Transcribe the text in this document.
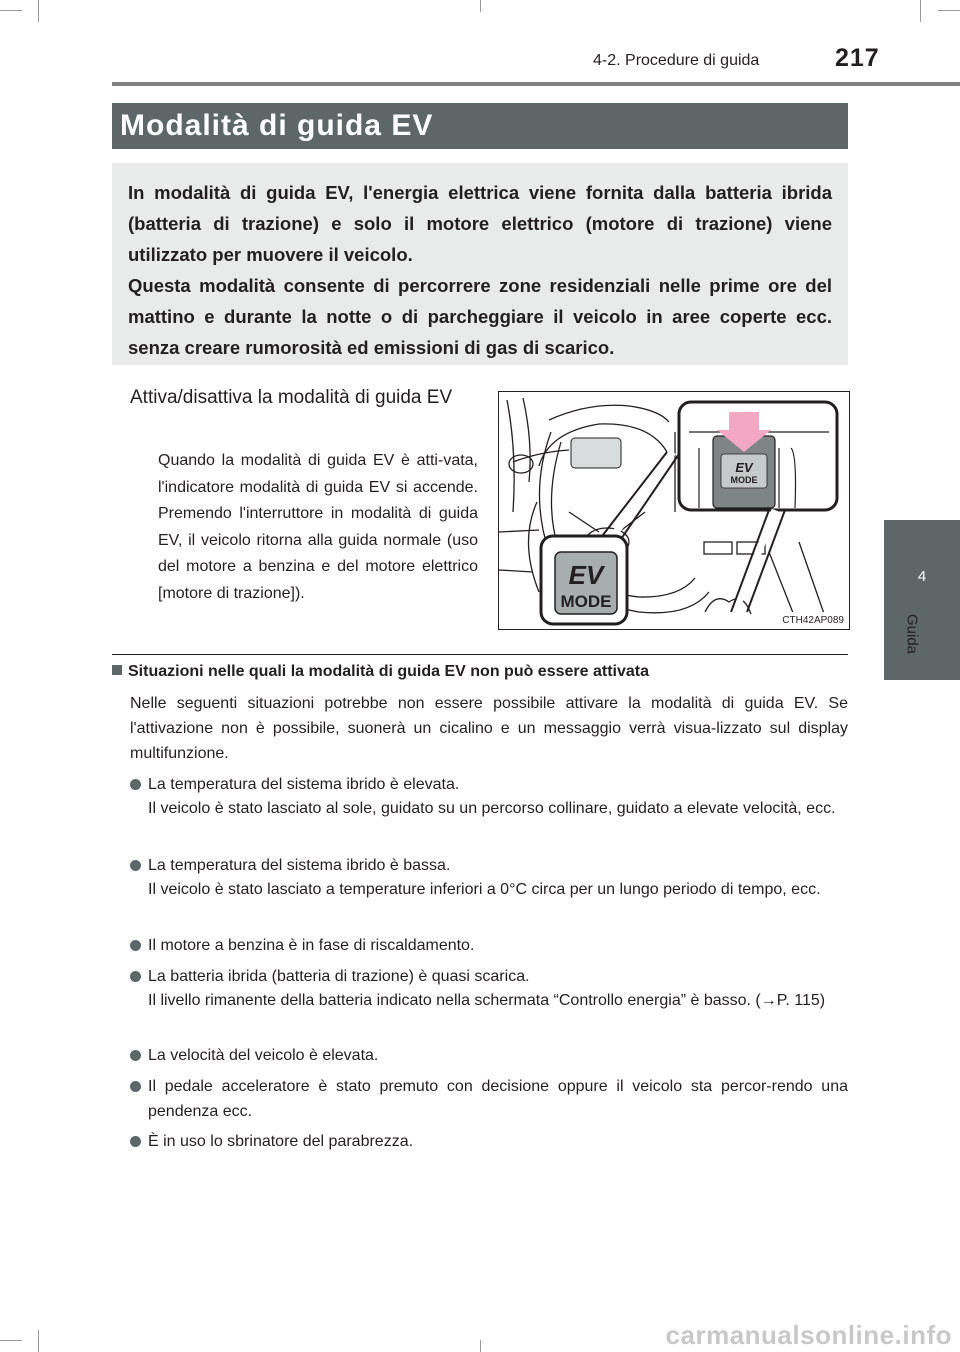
4-2. Procedure di guida	217
4
Guida
Modalità di guida EV

In modalità di guida EV, l'energia elettrica viene fornita dalla batteria ibrida (batteria di trazione) e solo il motore elettrico (motore di trazione) viene utilizzato per muovere il veicolo.

Questa modalità consente di percorrere zone residenziali nelle prime ore del mattino e durante la notte o di parcheggiare il veicolo in aree coperte ecc. senza creare rumorosità ed emissioni di gas di scarico.

Attiva/disattiva la modalità di guida EV

Quando la modalità di guida EV è atti-vata, l'indicatore modalità di guida EV si accende. Premendo l'interruttore in modalità di guida EV, il veicolo ritorna alla guida normale (uso del motore a benzina e del motore elettrico [motore di trazione]).

EV
MODE
EV
MODE
CTH42AP089
Situazioni nelle quali la modalità di guida EV non può essere attivata

Nelle seguenti situazioni potrebbe non essere possibile attivare la modalità di guida EV. Se l'attivazione non è possibile, suonerà un cicalino e un messaggio verrà visua-lizzato sul display multifunzione.

La temperatura del sistema ibrido è elevata.

Il veicolo è stato lasciato al sole, guidato su un percorso collinare, guidato a elevate velocità, ecc.

La temperatura del sistema ibrido è bassa.

Il veicolo è stato lasciato a temperature inferiori a 0°C circa per un lungo periodo di tempo, ecc.

Il motore a benzina è in fase di riscaldamento.
La batteria ibrida (batteria di trazione) è quasi scarica.

Il livello rimanente della batteria indicato nella schermata “Controllo energia” è basso. (→P. 115)

La velocità del veicolo è elevata.

Il pedale acceleratore è stato premuto con decisione oppure il veicolo sta percor-rendo una pendenza ecc.

È in uso lo sbrinatore del parabrezza.
carmanualsonline.info
